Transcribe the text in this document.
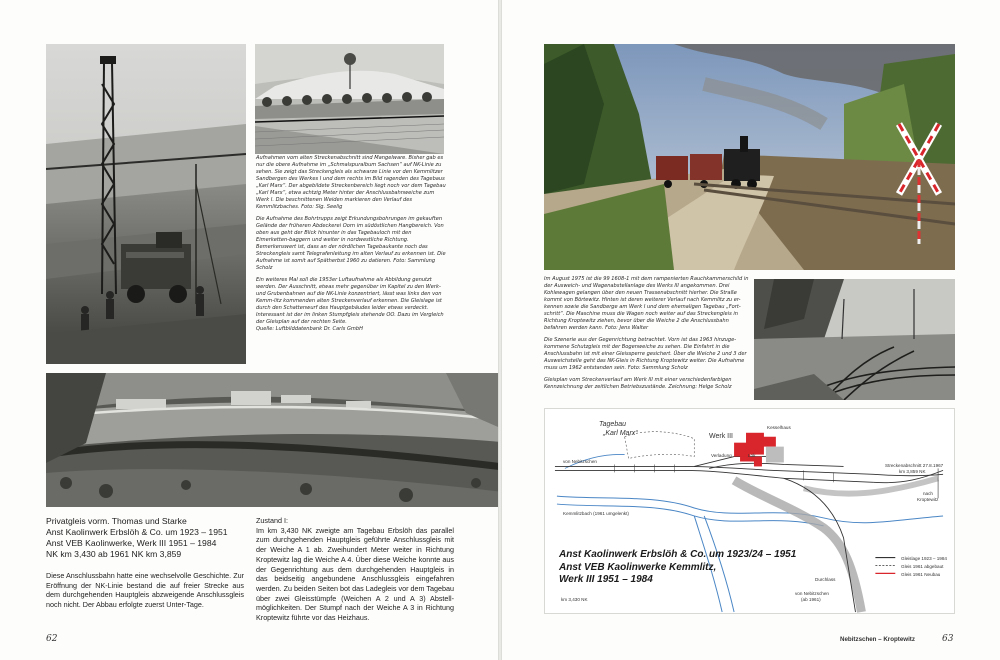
Aufnahmen vom alten Streckenabschnitt sind Mangelware. Bisher gab es nur die obere Aufnahme im „Schmalspuralbum Sachsen“ auf NK-Linie zu sehen. Sie zeigt das Streckengleis als schwarze Linie vor den Kemmlitzer Sandbergen des Werkes I und dem rechts im Bild ragenden des Tagebaus „Karl Marx“. Der abgebildete Streckenbereich liegt noch vor dem Tagebau „Karl Marx“, etwa achtzig Meter hinter der Anschlussbahnweiche zum Werk I. Die beschnittenen Weiden markieren den Verlauf des Kemmlitzbaches. Foto: Slg. Seelig

Die Aufnahme des Bohrtrupps zeigt Erkundungsbohrungen im gekauften Gelände der früheren Abdeckerei Oorn im südöstlichen Hangbereich. Von oben aus geht der Blick hinunter in das Tagebauloch mit den Eimerketten-baggern und weiter in nordwestliche Richtung. Bemerkenswert ist, dass an der nördlichen Tagebaukante noch das Streckengleis samt Telegrafenleitung im alten Verlauf zu erkennen ist. Die Aufnahme ist somit auf Spätherbst 1960 zu datieren. Foto: Sammlung Scholz

Ein weiteres Mal soll die 1953er Luftaufnahme als Abbildung genutzt werden. Der Ausschnitt, etwas mehr gegenüber im Kapitel zu den Werk- und Grubenbahnen auf die NK-Linie konzentriert, lässt was links den von Kemm-litz kommenden alten Streckenverlauf erkennen. Die Gleislage ist durch den Schattenwurf des Hauptgebäudes leider etwas verdeckt. Interessant ist der im linken Stumpfgleis stehende OO. Dazu im Vergleich der Gleisplan auf der rechten Seite.

Quelle: Luftbilddatenbank Dr. Carls GmbH

Privatgleis vorm. Thomas und Starke
Anst Kaolinwerk Erbslöh & Co. um 1923 – 1951
Anst VEB Kaolinwerke, Werk III 1951 – 1984
NK km 3,430 ab 1961 NK km 3,859
Diese Anschlussbahn hatte eine wechselvolle Geschichte. Zur Eröffnung der NK-Linie bestand die auf freier Strecke aus dem durchgehenden Hauptgleis abzweigende Anschlussgleis noch nicht. Der Abbau erfolgte zuerst Unter-Tage.
Zustand I:
Im km 3,430 NK zweigte am Tagebau Erbslöh das parallel zum durchgehenden Hauptgleis geführte Anschlussgleis mit der Weiche A 1 ab. Zweihundert Meter weiter in Richtung Kroptewitz lag die Weiche A 4. Über diese Weiche konnte aus der Gegenrichtung aus dem durchgehenden Hauptgleis in das beidseitig angebundene Anschlussgleis eingefahren werden. Zu beiden Seiten bot das Ladegleis vor dem Tagebau über zwei Gleisstümpfe (Weichen A 2 und A 3) Abstell-möglichkeiten. Der Stumpf nach der Weiche A 3 in Richtung Kroptewitz führte vor das Heizhaus.
62

Im August 1975 ist die 99 1608-1 mit dem rampenierten Rauchkammerschild in der Ausweich- und Wagenabstellanlage des Werks III angekommen. Drei Kohlewagen gelangen über den neuen Trassenabschnitt hierher. Die Straße kommt von Börtewitz. Hinten ist deren weiterer Verlauf nach Kemmlitz zu er-kennen sowie die Sandberge am Werk I und dem ehemaligen Tagebau „Fort-schritt“. Die Maschine muss die Wagen noch weiter auf das Streckengleis in Richtung Kroptewitz ziehen, bevor über die Weiche 2 die Anschlussbahn befahren werden kann. Foto: Jens Walter

Die Szenerie aus der Gegenrichtung betrachtet. Vorn ist das 1963 hinzuge-kommene Schutzgleis mit der Bogenweiche zu sehen. Die Einfahrt in die Anschlussbahn ist mit einer Gleissperre gesichert. Über die Weiche 2 und 3 der Ausweichstelle geht das NK-Gleis in Richtung Kroptewitz weiter. Die Aufnahme muss um 1962 entstanden sein. Foto: Sammlung Scholz

Gleisplan vom Streckenverlauf am Werk III mit einer verschiedenfarbigen Kennzeichnung der zeitlichen Betriebszustände. Zeichnung: Helge Scholz

Tagebau
„Karl Marx“	Werk III
Kesselhaus
Verladung	Lok
von Nebitzschen
Kemmlitzbach (1961 umgelenkt)
Streckenabschnitt 27.8.1967
km 3,859 NK
nach
Kroptewitz
von Nebitzschen
(ab 1961)
Durchlass
Gleislage 1923 – 1984
Gleis 1961 abgebaut
Gleis 1961 Neubau
Anst Kaolinwerk Erbslöh & Co. um 1923/24 – 1951
Anst VEB Kaolinwerke Kemmlitz,
Werk III 1951 – 1984
km 3,430 NK
Nebitzschen – Kroptewitz	63
